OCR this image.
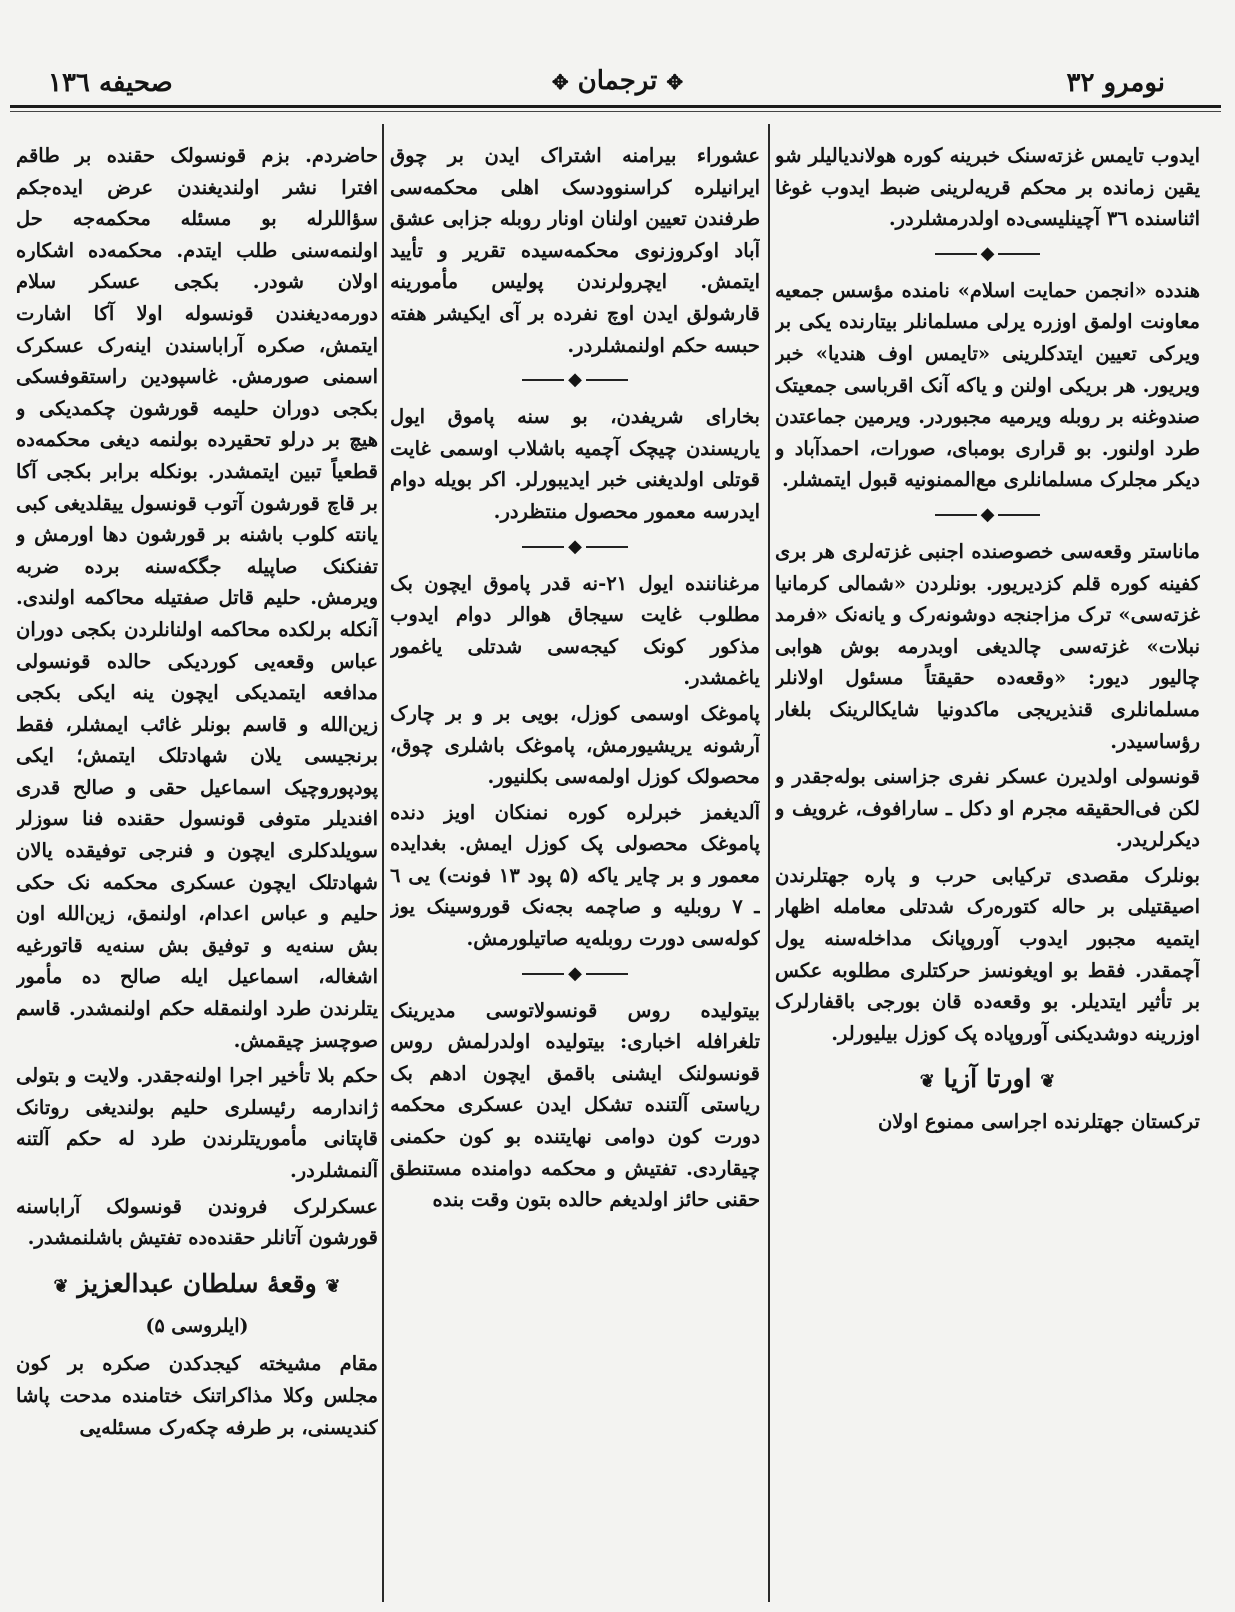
نومرو ۳۲
✥ ترجمان ✥
صحیفه ۱۳٦

ایدوب تایمس غزته‌سنک خبرینه کوره هولاندیالیلر شو یقین زمانده بر محکم قریه‌لرینی ضبط ایدوب غوغا اثناسنده ۳٦ آچینلیسی‌ده اولدرمشلردر.

◆

هندده «انجمن حمایت اسلام» نامنده مؤسس جمعیه معاونت اولمق اوزره یرلی مسلمانلر بیتارنده یکی بر ویرکی تعیین ایتدکلرینی «تایمس اوف هندیا» خبر ویریور. هر بریکی اولنن و یاکه آنک اقرباسی جمعیتک صندوغنه بر روبله ویرمیه مجبوردر. ویرمین جماعتدن طرد اولنور. بو قراری بومبای، صورات، احمدآباد و دیکر مجلرک مسلمانلری مع‌الممنونیه قبول ایتمشلر.

◆

ماناستر وقعه‌سی خصوصنده اجنبی غزته‌لری هر بری کفینه کوره قلم کزدیریور. بونلردن «شمالی کرمانیا غزته‌سی» ترک مزاجنجه دوشونه‌رک و یانه‌نک «فرمد نبلات» غزته‌سی چالدیغی اوبدرمه بوش هوابی چالیور دیور: «وقعه‌ده حقیقتاً مسئول اولانلر مسلمانلری قنذیریجی ماکدونیا شایکالرینک بلغار رؤساسیدر.

قونسولی اولدیرن عسکر نفری جزاسنی بوله‌جقدر و لکن فی‌الحقیقه مجرم او دکل ـ سارافوف، غرویف و دیکرلریدر.

بونلرک مقصدی ترکیابی حرب و پاره جهتلرندن اصیقتیلی بر حاله کتوره‌رک شدتلی معامله اظهار ایتمیه مجبور ایدوب آوروپانک مداخله‌سنه یول آچمقدر. فقط بو اویغونسز حرکتلری مطلوبه عکس بر تأثیر ایتدیلر. بو وقعه‌ده قان بورجی باقفارلرک اوزرینه دوشدیکنی آوروپاده پک کوزل بیلیورلر.

❦ اورتا آزیا ❦

ترکستان جهتلرنده اجراسی ممنوع اولان

عشوراء بیرامنه اشتراک ایدن بر چوق ایرانیلره کراسنوودسک اهلی محکمه‌سی طرفندن تعیین اولنان اونار روبله جزابی عشق آباد اوکروزنوی محکمه‌سیده تقریر و تأیید ایتمش. ایچرولرندن پولیس مأمورینه قارشولق ایدن اوچ نفرده بر آی ایکیشر هفته حبسه حکم اولنمشلردر.

◆

بخارای شریفدن، بو سنه پاموق ایول یاریسندن چیچک آچمیه باشلاب اوسمی غایت قوتلی اولدیغنی خبر ایدیبورلر. اکر بویله دوام ایدرسه معمور محصول منتظردر.

◆

مرغناننده ایول ۲۱-نه قدر پاموق ایچون بک مطلوب غایت سیجاق هوالر دوام ایدوب مذکور کونک کیجه‌سی شدتلی یاغمور یاغمشدر.

پاموغک اوسمی کوزل، بویی بر و بر چارک آرشونه یریشیورمش، پاموغک باشلری چوق، محصولک کوزل اولمه‌سی بکلنیور.

آلدیغمز خبرلره کوره نمنکان اویز دنده پاموغک محصولی پک کوزل ایمش. بغدایده معمور و بر چایر یاکه (۵ پود ۱۳ فونت) یی ٦ ـ ۷ روبلیه و صاچمه بجه‌نک قوروسینک یوز کوله‌سی دورت روبله‌یه صاتیلورمش.

◆

بیتولیده روس قونسولاتوسی مدیرینک تلغرافله اخباری: بیتولیده اولدرلمش روس قونسولنک ایشنی باقمق ایچون ادهم بک ریاستی آلتنده تشکل ایدن عسکری محکمه دورت کون دوامی نهایتنده بو کون حکمنی چیقاردی. تفتیش و محکمه دوامنده مستنطق حقنی حائز اولدیغم حالده بتون وقت بنده

حاضردم. بزم قونسولک حقنده بر طاقم افترا نشر اولندیغندن عرض ایده‌جکم سؤاللرله بو مسئله محکمه‌جه حل اولنمه‌سنی طلب ایتدم. محکمه‌ده اشکاره اولان شودر. بکجی عسکر سلام دورمه‌دیغندن قونسوله اولا آکا اشارت ایتمش، صکره آراباسندن اینه‌رک عسکرک اسمنی صورمش. غاسپودین راستقوفسکی بکجی دوران حلیمه قورشون چکمدیکی و هیچ بر درلو تحقیرده بولنمه دیغی محکمه‌ده قطعیاً تبین ایتمشدر. بونکله برابر بکجی آکا بر قاچ قورشون آتوب قونسول ییقلدیغی کبی یانته کلوب باشنه بر قورشون دها اورمش و تفنکنک صاپیله جگکه‌سنه برده ضربه ویرمش. حلیم قاتل صفتیله محاکمه اولندی. آنکله برلکده محاکمه اولنانلردن بکجی دوران عباس وقعه‌یی کوردیکی حالده قونسولی مدافعه ایتمدیکی ایچون ینه ایکی بکجی زین‌الله و قاسم بونلر غائب ایمشلر، فقط برنجیسی یلان شهادتلک ایتمش؛ ایکی پودپوروچیک اسماعیل حقی و صالح قدری افندیلر متوفی قونسول حقنده فنا سوزلر سویلدکلری ایچون و فنرجی توفیقده یالان شهادتلک ایچون عسکری محکمه نک حکی حلیم و عباس اعدام، اولنمق، زین‌الله اون بش سنه‌یه و توفیق بش سنه‌یه قاتورغیه اشغاله، اسماعیل ایله صالح ده مأمور یتلرندن طرد اولنمقله حکم اولنمشدر. قاسم صوچسز چیقمش.

حکم بلا تأخیر اجرا اولنه‌جقدر. ولایت و بتولی ژاندارمه رئیسلری حلیم بولندیغی روتانک قاپتانی مأموریتلرندن طرد له حکم آلتنه آلنمشلردر.

عسکرلرک فروندن قونسولک آراباسنه قورشون آتانلر حقنده‌ده تفتیش باشلنمشدر.

❦ وقعهٔ سلطان عبدالعزیز ❦
(ایلروسی ۵)

مقام مشیخته کیجدکدن صکره بر کون مجلس وکلا مذاکراتنک ختامنده مدحت پاشا کندیسنی، بر طرفه چکه‌رک مسئله‌یی
